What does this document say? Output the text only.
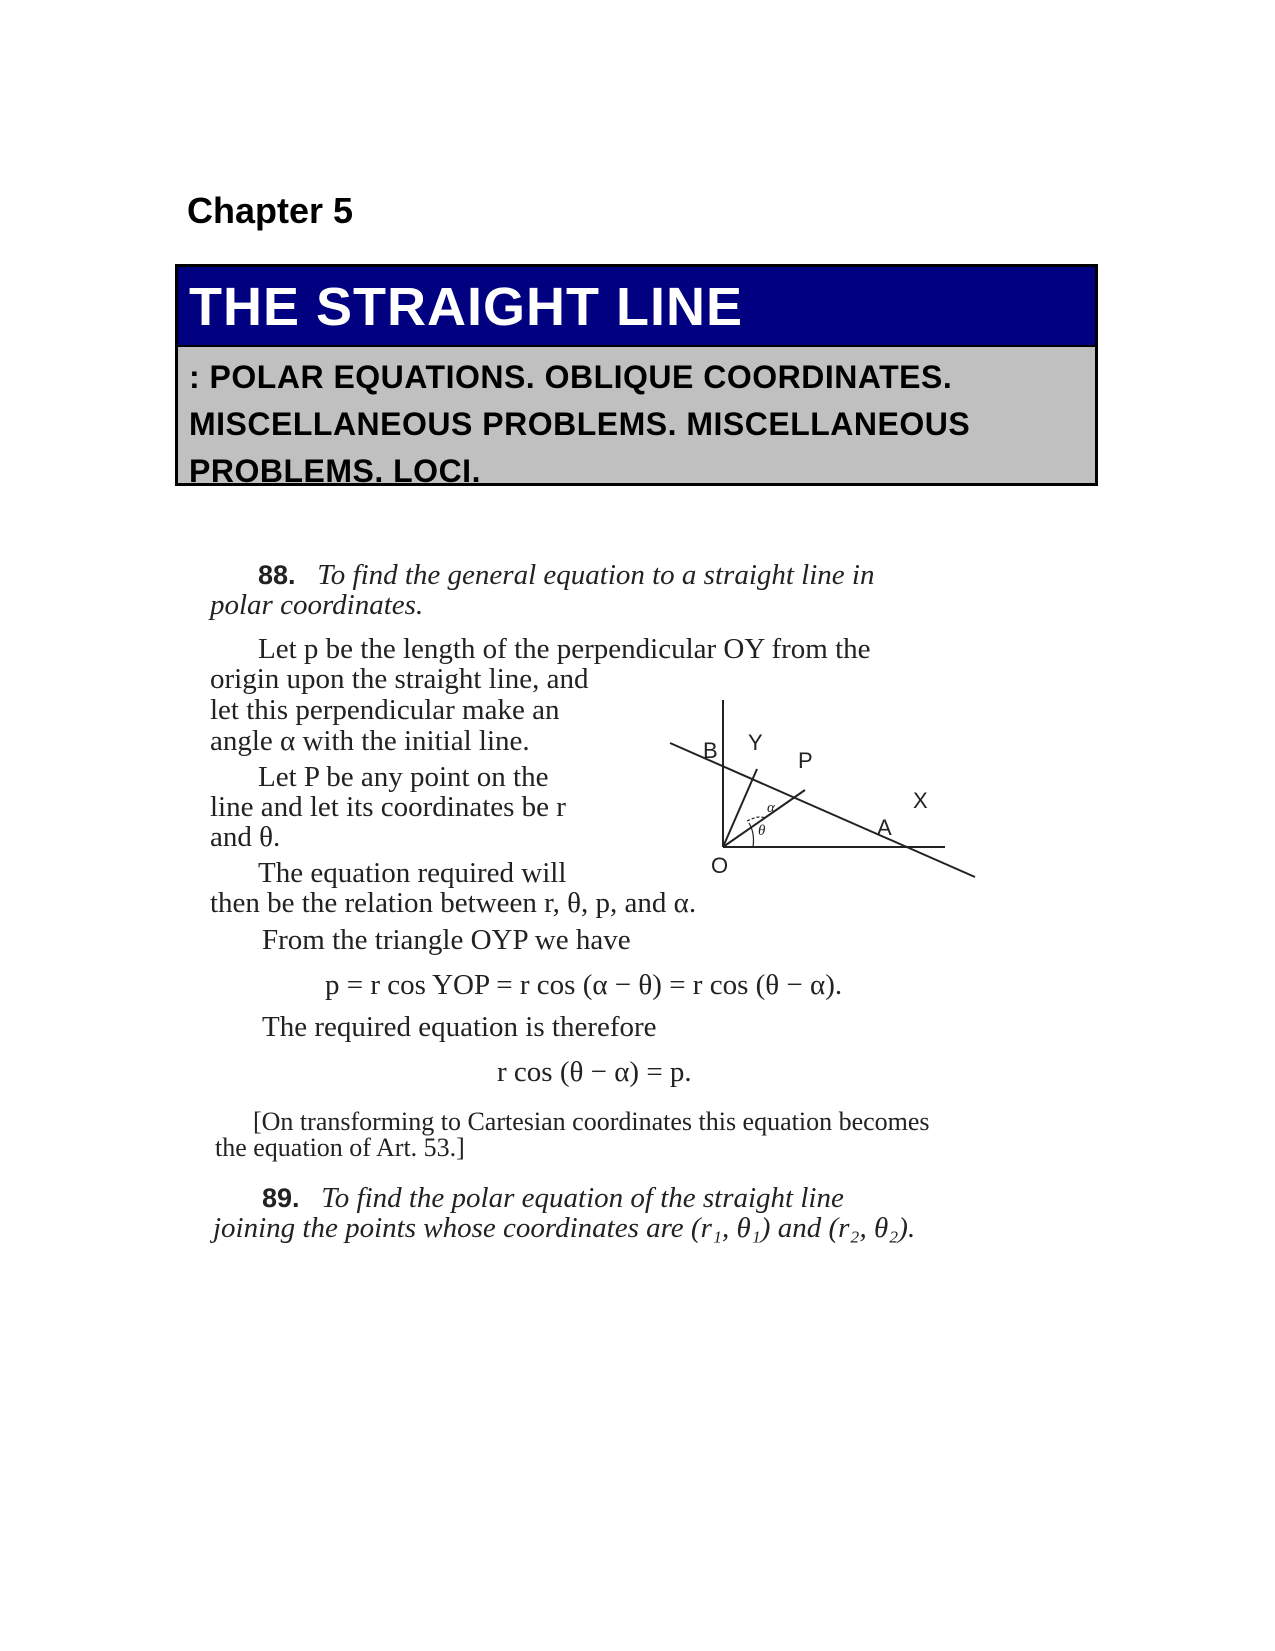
Chapter 5
THE STRAIGHT LINE
: POLAR EQUATIONS. OBLIQUE COORDINATES.
MISCELLANEOUS PROBLEMS. MISCELLANEOUS
PROBLEMS. LOCI.
88. To find the general equation to a straight line in
polar coordinates.
Let p be the length of the perpendicular OY from the
origin upon the straight line, and
let this perpendicular make an
angle α with the initial line.
Let P be any point on the
line and let its coordinates be r
and θ.
The equation required will
then be the relation between r, θ, p, and α.
From the triangle OYP we have
p = r cos YOP = r cos (α − θ) = r cos (θ − α).
The required equation is therefore
r cos (θ − α) = p.
[On transforming to Cartesian coordinates this equation becomes
the equation of Art. 53.]
B Y
P
X
O
A
α
θ
89. To find the polar equation of the straight line
joining the points whose coordinates are (r₁, θ₁) and (r₂, θ₂).
